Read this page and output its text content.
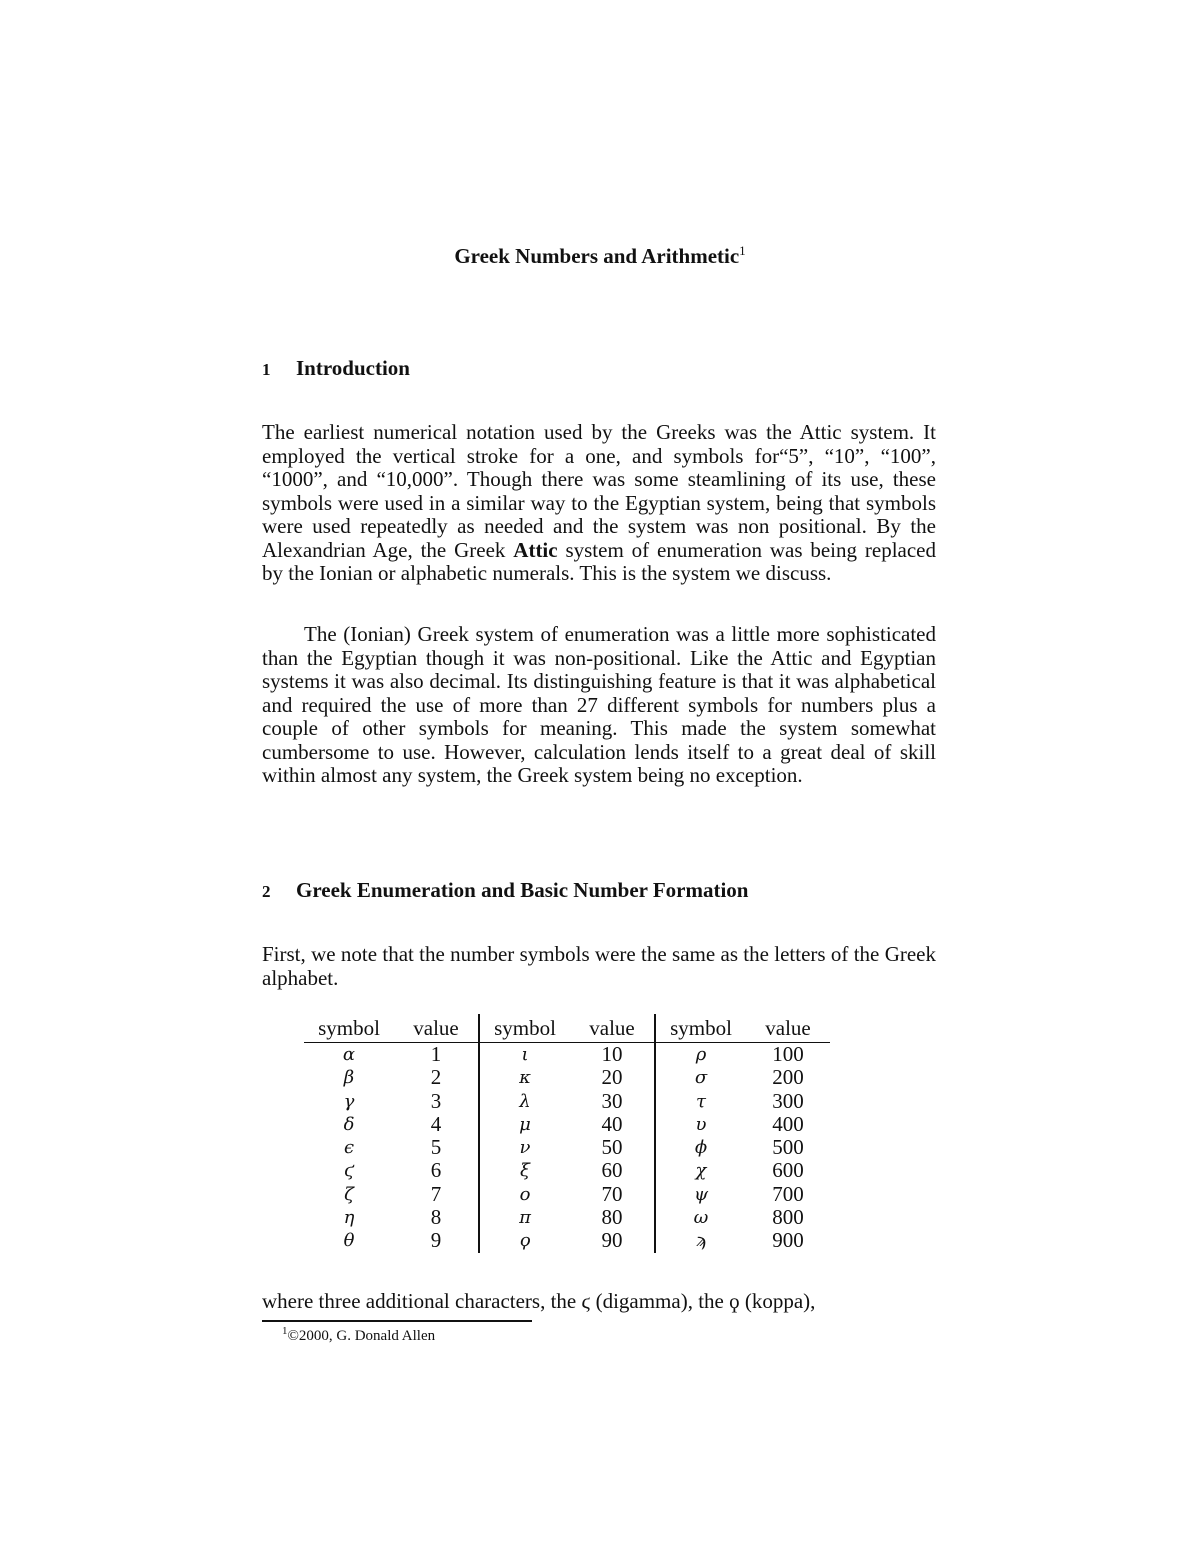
Greek Numbers and Arithmetic$^1$
1 Introduction
The earliest numerical notation used by the Greeks was the Attic system. It employed the vertical stroke for a one, and symbols for“5”, “10”, “100”, “1000”, and “10,000”. Though there was some steamlining of its use, these symbols were used in a similar way to the Egyptian system, being that symbols were used repeatedly as needed and the system was non positional. By the Alexandrian Age, the Greek Attic system of enumeration was being replaced by the Ionian or alphabetic numerals. This is the system we discuss.
The (Ionian) Greek system of enumeration was a little more sophisticated than the Egyptian though it was non-positional. Like the Attic and Egyptian systems it was also decimal. Its distinguishing feature is that it was alphabetical and required the use of more than 27 different symbols for numbers plus a couple of other symbols for meaning. This made the system somewhat cumbersome to use. However, calculation lends itself to a great deal of skill within almost any system, the Greek system being no exception.
2 Greek Enumeration and Basic Number Formation
First, we note that the number symbols were the same as the letters of the Greek alphabet.
symbol	value	symbol	value	symbol	value
α	1	ι	10	ρ	100
β	2	κ	20	σ	200
γ	3	λ	30	τ	300
δ	4	μ	40	υ	400
ϵ	5	ν	50	ϕ	500
ϛ	6	ξ	60	χ	600
ζ	7	ο	70	ψ	700
η	8	π	80	ω	800
θ	9	ϙ	90	ϡ	900
where three additional characters, the ϛ (digamma), the ϙ (koppa),
$^1$©2000, G. Donald Allen
